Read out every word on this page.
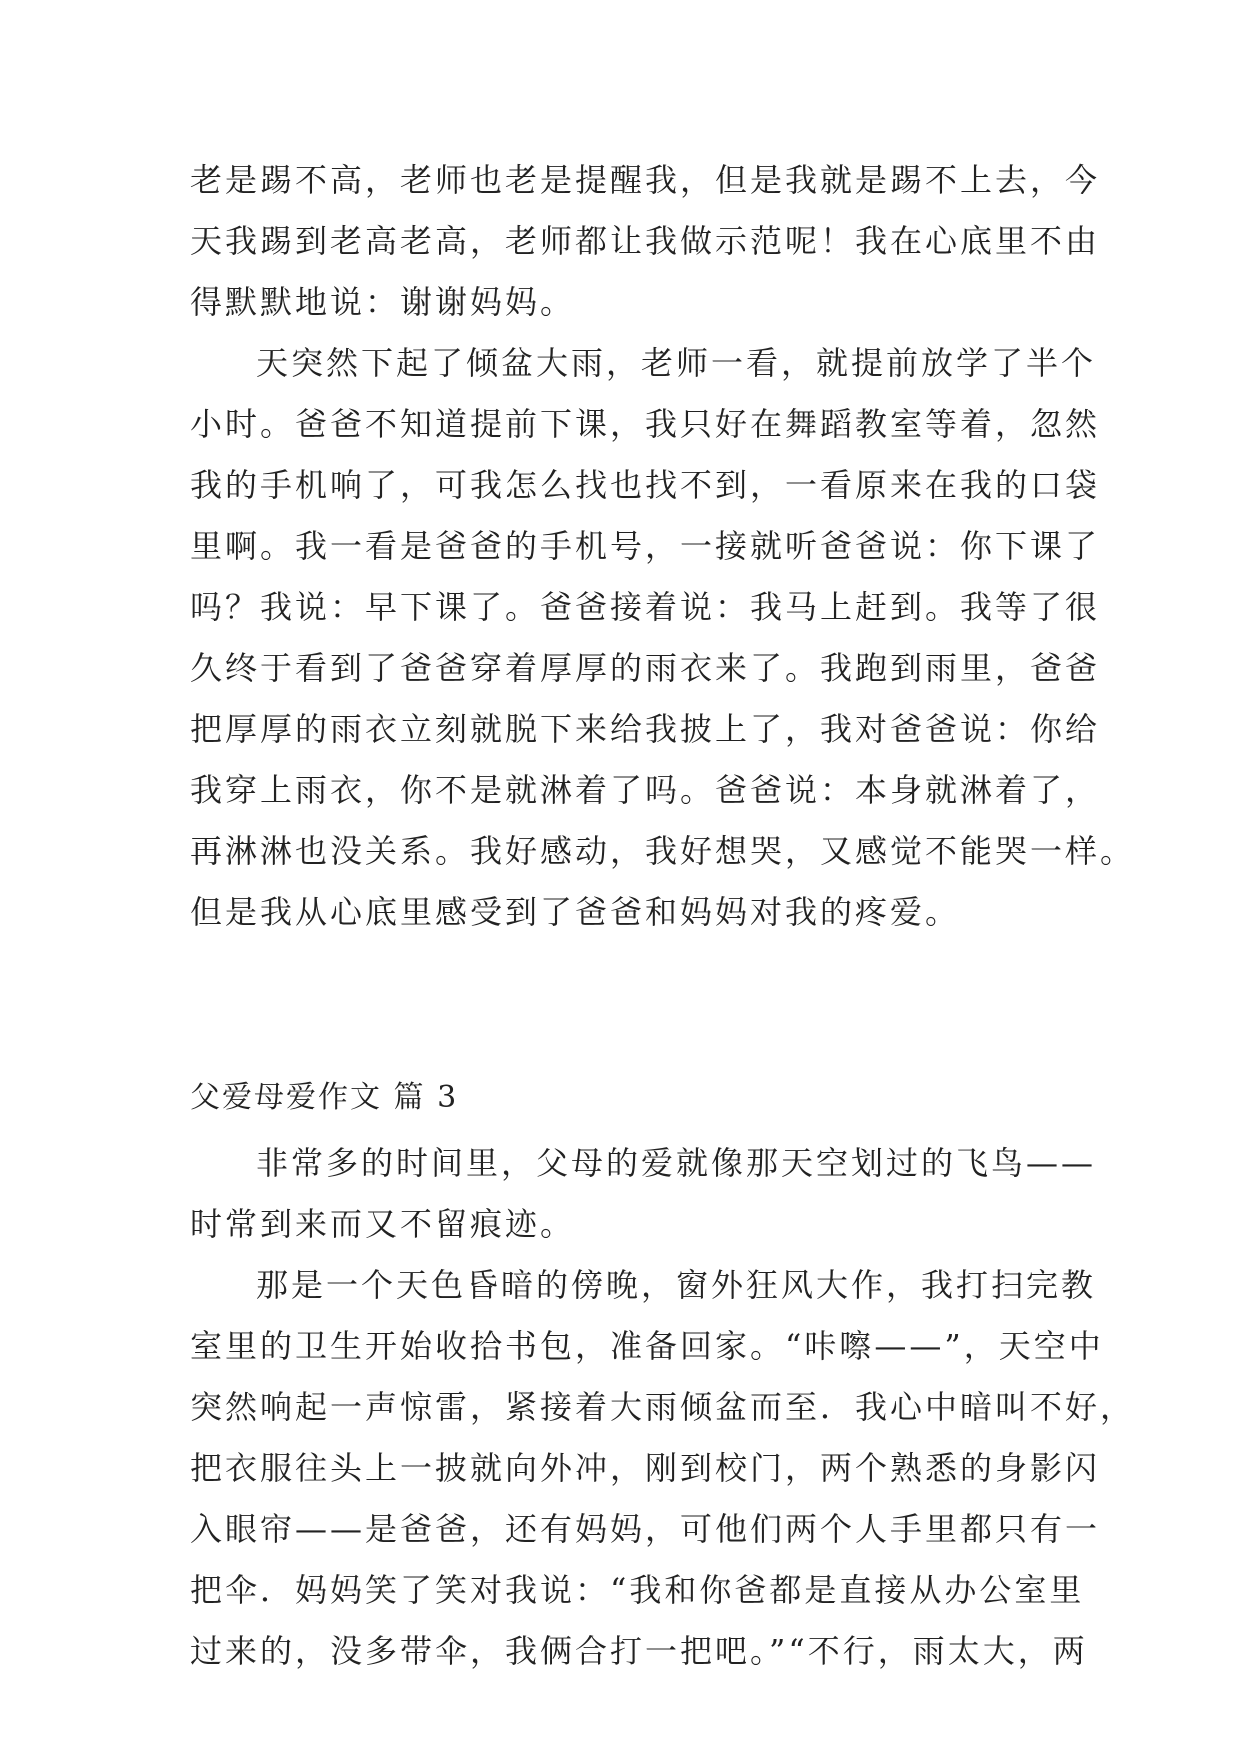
老是踢不高，老师也老是提醒我，但是我就是踢不上去，今
天我踢到老高老高，老师都让我做示范呢！我在心底里不由
得默默地说：谢谢妈妈。
天突然下起了倾盆大雨，老师一看，就提前放学了半个
小时。爸爸不知道提前下课，我只好在舞蹈教室等着，忽然
我的手机响了，可我怎么找也找不到，一看原来在我的口袋
里啊。我一看是爸爸的手机号，一接就听爸爸说：你下课了
吗？我说：早下课了。爸爸接着说：我马上赶到。我等了很
久终于看到了爸爸穿着厚厚的雨衣来了。我跑到雨里，爸爸
把厚厚的雨衣立刻就脱下来给我披上了，我对爸爸说：你给
我穿上雨衣，你不是就淋着了吗。爸爸说：本身就淋着了，
再淋淋也没关系。我好感动，我好想哭，又感觉不能哭一样。
但是我从心底里感受到了爸爸和妈妈对我的疼爱。
父爱母爱作文 篇 3
非常多的时间里，父母的爱就像那天空划过的飞鸟——
时常到来而又不留痕迹。
那是一个天色昏暗的傍晚，窗外狂风大作，我打扫完教
室里的卫生开始收拾书包，准备回家。“咔嚓——”，天空中
突然响起一声惊雷，紧接着大雨倾盆而至．我心中暗叫不好，
把衣服往头上一披就向外冲，刚到校门，两个熟悉的身影闪
入眼帘——是爸爸，还有妈妈，可他们两个人手里都只有一
把伞．妈妈笑了笑对我说：“我和你爸都是直接从办公室里
过来的，没多带伞，我俩合打一把吧。”“不行，雨太大，两
